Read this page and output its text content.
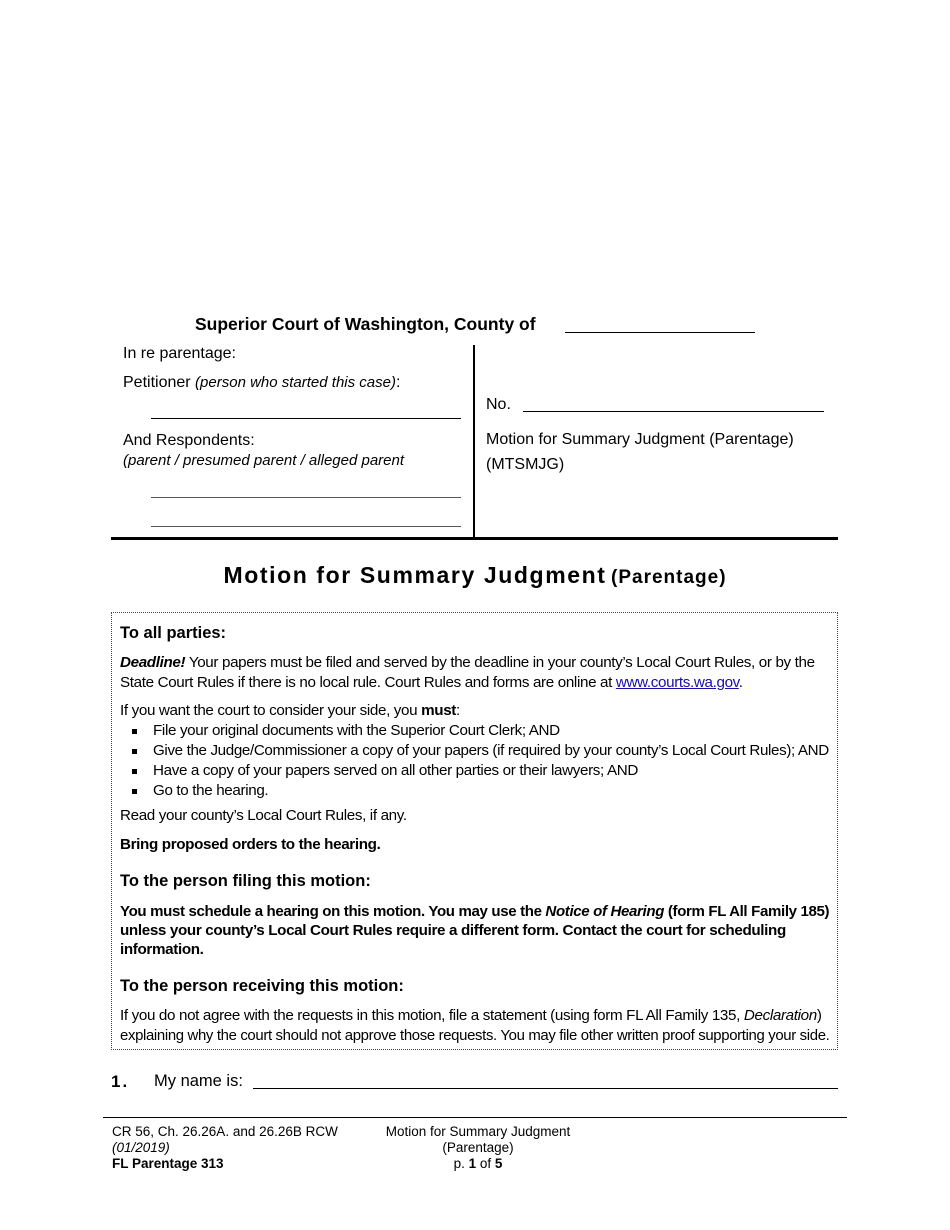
Superior Court of Washington, County of
In re parentage:
Petitioner (person who started this case):
And Respondents:
(parent / presumed parent / alleged parent
No.
Motion for Summary Judgment (Parentage)
(MTSMJG)
Motion for Summary Judgment (Parentage)
To all parties:
Deadline! Your papers must be filed and served by the deadline in your county’s Local Court Rules, or by the
State Court Rules if there is no local rule. Court Rules and forms are online at www.courts.wa.gov.
If you want the court to consider your side, you must:
File your original documents with the Superior Court Clerk; AND
Give the Judge/Commissioner a copy of your papers (if required by your county’s Local Court Rules); AND
Have a copy of your papers served on all other parties or their lawyers; AND
Go to the hearing.
Read your county’s Local Court Rules, if any.
Bring proposed orders to the hearing.
To the person filing this motion:
You must schedule a hearing on this motion. You may use the Notice of Hearing (form FL All Family 185)
unless your county’s Local Court Rules require a different form. Contact the court for scheduling
information.
To the person receiving this motion:
If you do not agree with the requests in this motion, file a statement (using form FL All Family 135, Declaration)
explaining why the court should not approve those requests. You may file other written proof supporting your side.
1. My name is:
CR 56, Ch. 26.26A. and 26.26B RCW
(01/2019)
FL Parentage 313
Motion for Summary Judgment
(Parentage)
p. 1 of 5
